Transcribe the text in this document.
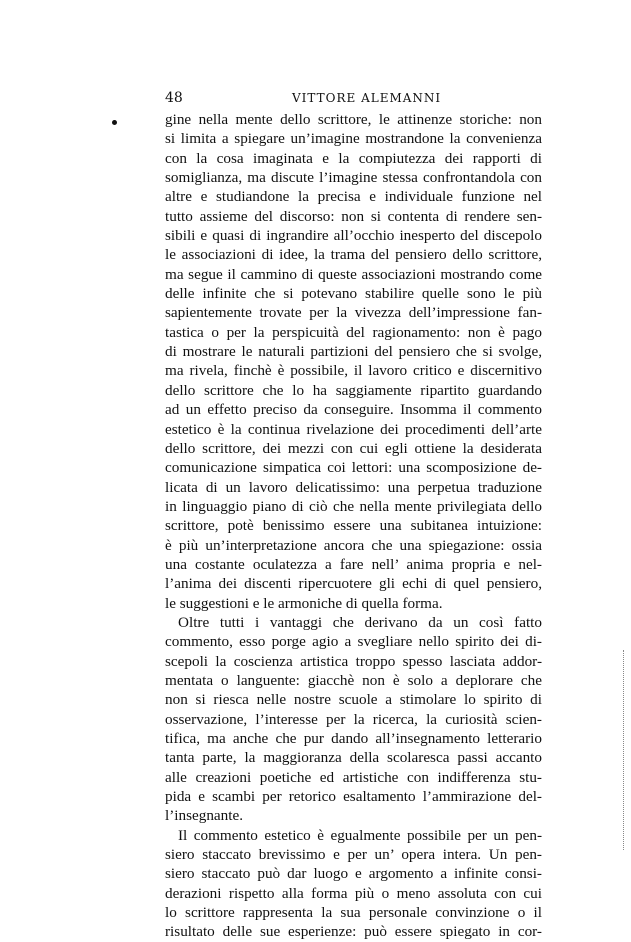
48	VITTORE ALEMANNI
gine nella mente dello scrittore, le attinenze storiche: non
si limita a spiegare un’imagine mostrandone la convenienza
con la cosa imaginata e la compiutezza dei rapporti di
somiglianza, ma discute l’imagine stessa confrontandola con
altre e studiandone la precisa e individuale funzione nel
tutto assieme del discorso: non si contenta di rendere sen-
sibili e quasi di ingrandire all’occhio inesperto del discepolo
le associazioni di idee, la trama del pensiero dello scrittore,
ma segue il cammino di queste associazioni mostrando come
delle infinite che si potevano stabilire quelle sono le più
sapientemente trovate per la vivezza dell’impressione fan-
tastica o per la perspicuità del ragionamento: non è pago
di mostrare le naturali partizioni del pensiero che si svolge,
ma rivela, finchè è possibile, il lavoro critico e discernitivo
dello scrittore che lo ha saggiamente ripartito guardando
ad un effetto preciso da conseguire. Insomma il commento
estetico è la continua rivelazione dei procedimenti dell’arte
dello scrittore, dei mezzi con cui egli ottiene la desiderata
comunicazione simpatica coi lettori: una scomposizione de-
licata di un lavoro delicatissimo: una perpetua traduzione
in linguaggio piano di ciò che nella mente privilegiata dello
scrittore, potè benissimo essere una subitanea intuizione:
è più un’interpretazione ancora che una spiegazione: ossia
una costante oculatezza a fare nell’ anima propria e nel-
l’anima dei discenti ripercuotere gli echi di quel pensiero,
le suggestioni e le armoniche di quella forma.
Oltre tutti i vantaggi che derivano da un così fatto
commento, esso porge agio a svegliare nello spirito dei di-
scepoli la coscienza artistica troppo spesso lasciata addor-
mentata o languente: giacchè non è solo a deplorare che
non si riesca nelle nostre scuole a stimolare lo spirito di
osservazione, l’interesse per la ricerca, la curiosità scien-
tifica, ma anche che pur dando all’insegnamento letterario
tanta parte, la maggioranza della scolaresca passi accanto
alle creazioni poetiche ed artistiche con indifferenza stu-
pida e scambi per retorico esaltamento l’ammirazione del-
l’insegnante.
Il commento estetico è egualmente possibile per un pen-
siero staccato brevissimo e per un’ opera intera. Un pen-
siero staccato può dar luogo e argomento a infinite consi-
derazioni rispetto alla forma più o meno assoluta con cui
lo scrittore rappresenta la sua personale convinzione o il
risultato delle sue esperienze: può essere spiegato in cor-
